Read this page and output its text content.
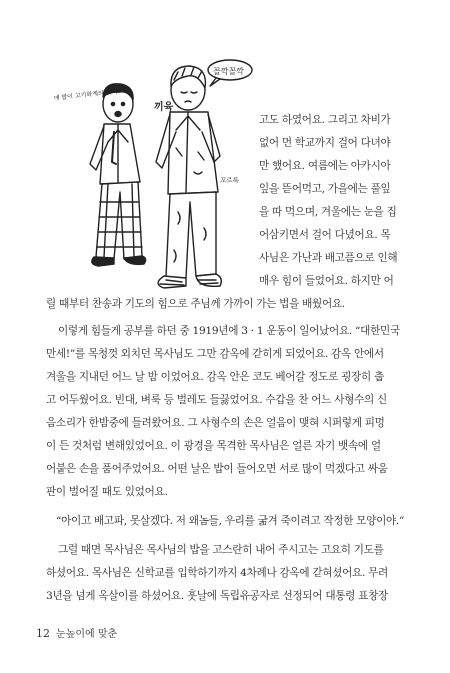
꼴깍꼴깍
끼육
얘 밥이 고기화계의 있어요
꼬르륵
고도 하였어요. 그리고 차비가
없어 먼 학교까지 걸어 다녀야
만 했어요. 여름에는 아카시아
잎을 뜯어먹고, 가을에는 풀잎
을 따 먹으며, 겨울에는 눈을 집
어삼키면서 걸어 다녔어요. 목
사님은 가난과 배고픔으로 인해
매우 힘이 들었어요. 하지만 어
릴 때부터 찬송과 기도의 힘으로 주님께 가까이 가는 법을 배웠어요.
이렇게 힘들게 공부를 하던 중 1919년에 3 · 1 운동이 일어났어요. “대한민국
만세!”를 목청껏 외치던 목사님도 그만 감옥에 갇히게 되었어요. 감옥 안에서
겨울을 지내던 어느 날 밤 이었어요. 감옥 안은 코도 베어갈 정도로 굉장히 춥
고 어두웠어요. 빈대, 벼룩 등 벌레도 들끓었어요. 수갑을 찬 어느 사형수의 신
음소리가 한밤중에 들려왔어요. 그 사형수의 손은 얼음이 맺혀 시퍼렇게 피멍
이 든 것처럼 변해있었어요. 이 광경을 목격한 목사님은 얼른 자기 뱃속에 얼
어붙은 손을 품어주었어요. 어떤 날은 밥이 들어오면 서로 많이 먹겠다고 싸움
판이 벌어질 때도 있었어요.
“아이고 배고파, 못살겠다. 저 왜놈들, 우리를 굶겨 죽이려고 작정한 모양이야.”
그럴 때면 목사님은 목사님의 밥을 고스란히 내어 주시고는 고요히 기도를
하셨어요. 목사님은 신학교를 입학하기까지 4차례나 감옥에 갇혀셨어요. 무려
3년을 넘게 옥살이를 하셨어요. 훗날에 독립유공자로 선정되어 대통령 표창장
12 눈높이에 맞춘
